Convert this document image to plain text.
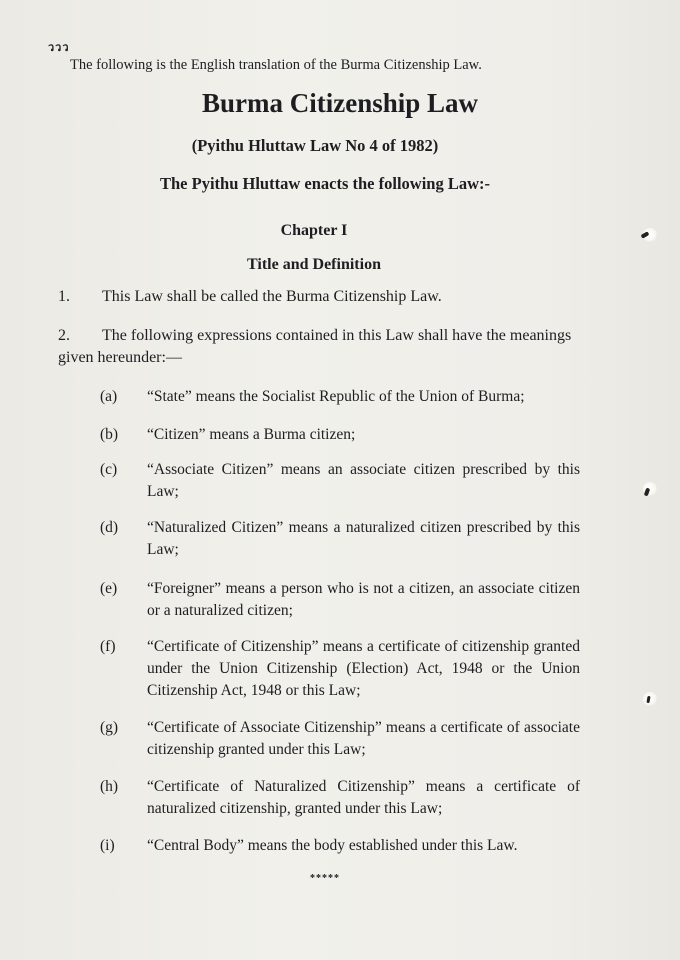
ววว
The following is the English translation of the Burma Citizenship Law.
Burma Citizenship Law
(Pyithu Hluttaw Law No 4 of 1982)
The Pyithu Hluttaw enacts the following Law:-
Chapter I
Title and Definition
1. This Law shall be called the Burma Citizenship Law.
2. The following expressions contained in this Law shall have the meanings given hereunder:—
(a)	“State” means the Socialist Republic of the Union of Burma;
(b)	“Citizen” means a Burma citizen;
(c)	“Associate Citizen” means an associate citizen prescribed by this Law;
(d)	“Naturalized Citizen” means a naturalized citizen prescribed by this Law;
(e)	“Foreigner” means a person who is not a citizen, an associate citizen or a naturalized citizen;
(f)	“Certificate of Citizenship” means a certificate of citizenship granted under the Union Citizenship (Election) Act, 1948 or the Union Citizenship Act, 1948 or this Law;
(g)	“Certificate of Associate Citizenship” means a certificate of associate citizenship granted under this Law;
(h)	“Certificate of Naturalized Citizenship” means a certificate of naturalized citizenship, granted under this Law;
(i)	“Central Body” means the body established under this Law.
*****
